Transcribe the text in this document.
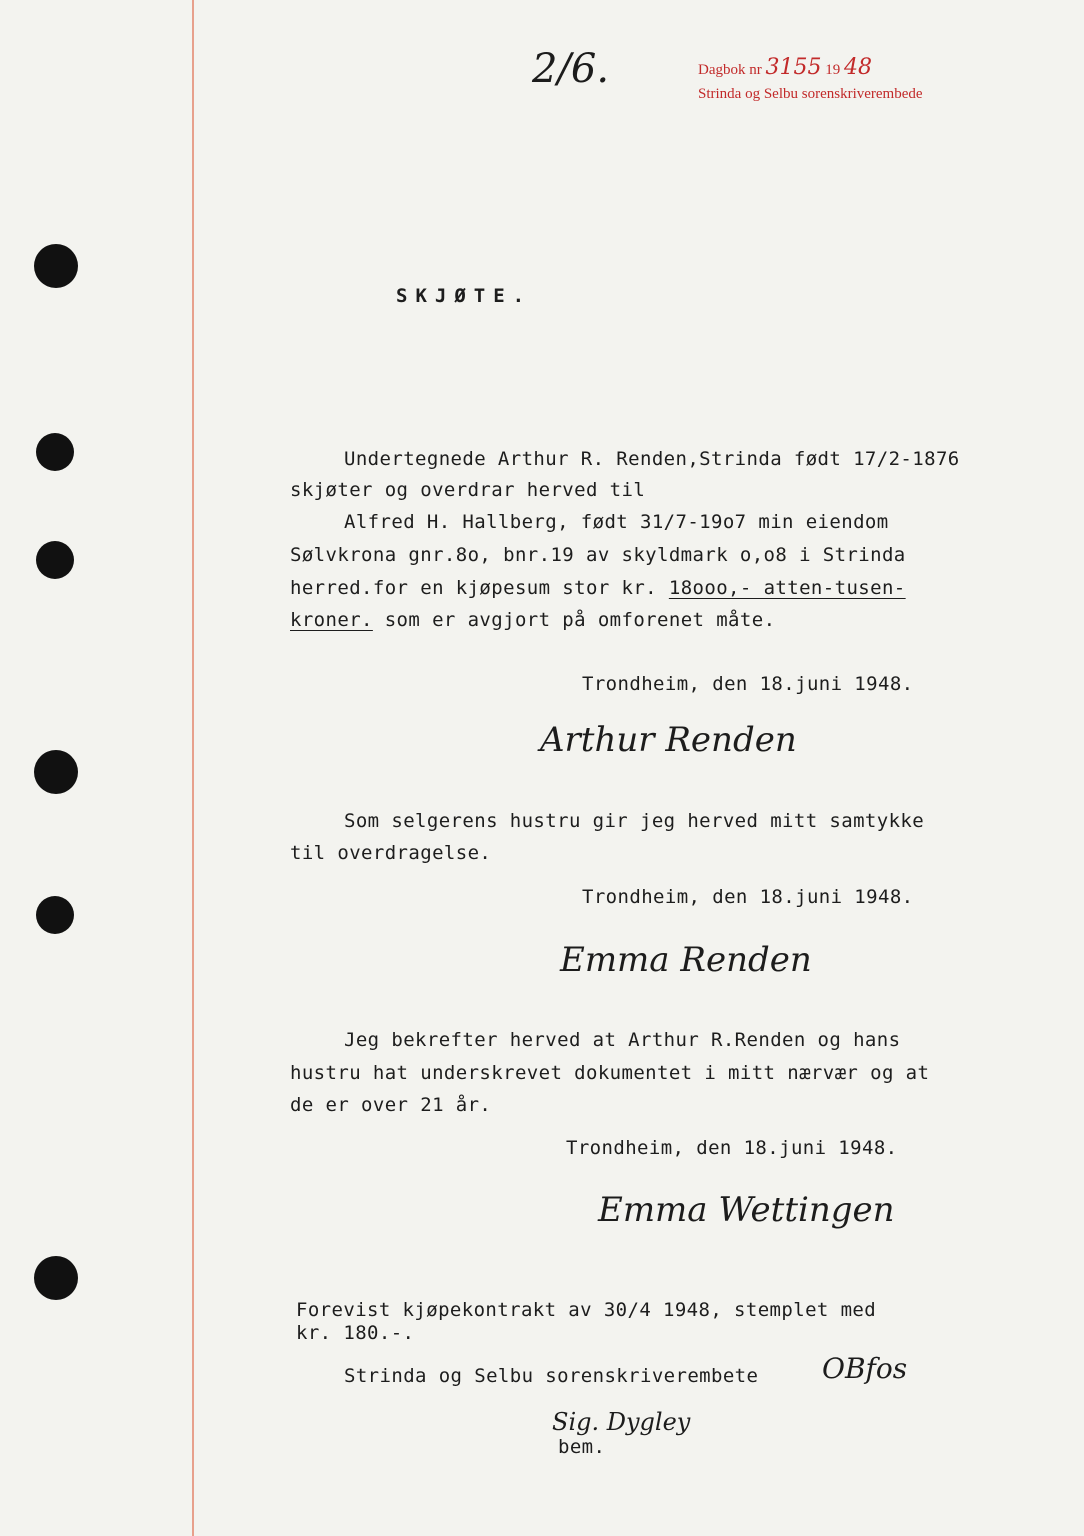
2/6.	Dagbok nr 3155 19 48
Strinda og Selbu sorenskriverembede
SKJØTE.
Undertegnede Arthur R. Renden,Strinda født 17/2-1876
skjøter og overdrar herved til
Alfred H. Hallberg, født 31/7-19o7 min eiendom
Sølvkrona gnr.8o, bnr.19 av skyldmark o,o8 i Strinda
herred.for en kjøpesum stor kr. 18ooo,- atten-tusen-
kroner. som er avgjort på omforenet måte.
Trondheim, den 18.juni 1948.
Arthur Renden
Som selgerens hustru gir jeg herved mitt samtykke
til overdragelse.
Trondheim, den 18.juni 1948.
Emma Renden
Jeg bekrefter herved at Arthur R.Renden og hans
hustru hat underskrevet dokumentet i mitt nærvær og at
de er over 21 år.
Trondheim, den 18.juni 1948.
Emma Wettingen
Forevist kjøpekontrakt av 30/4 1948, stemplet med
kr. 180.-.
Strinda og Selbu sorenskriverembete
Sig. Dygley
bem.
OBfos
